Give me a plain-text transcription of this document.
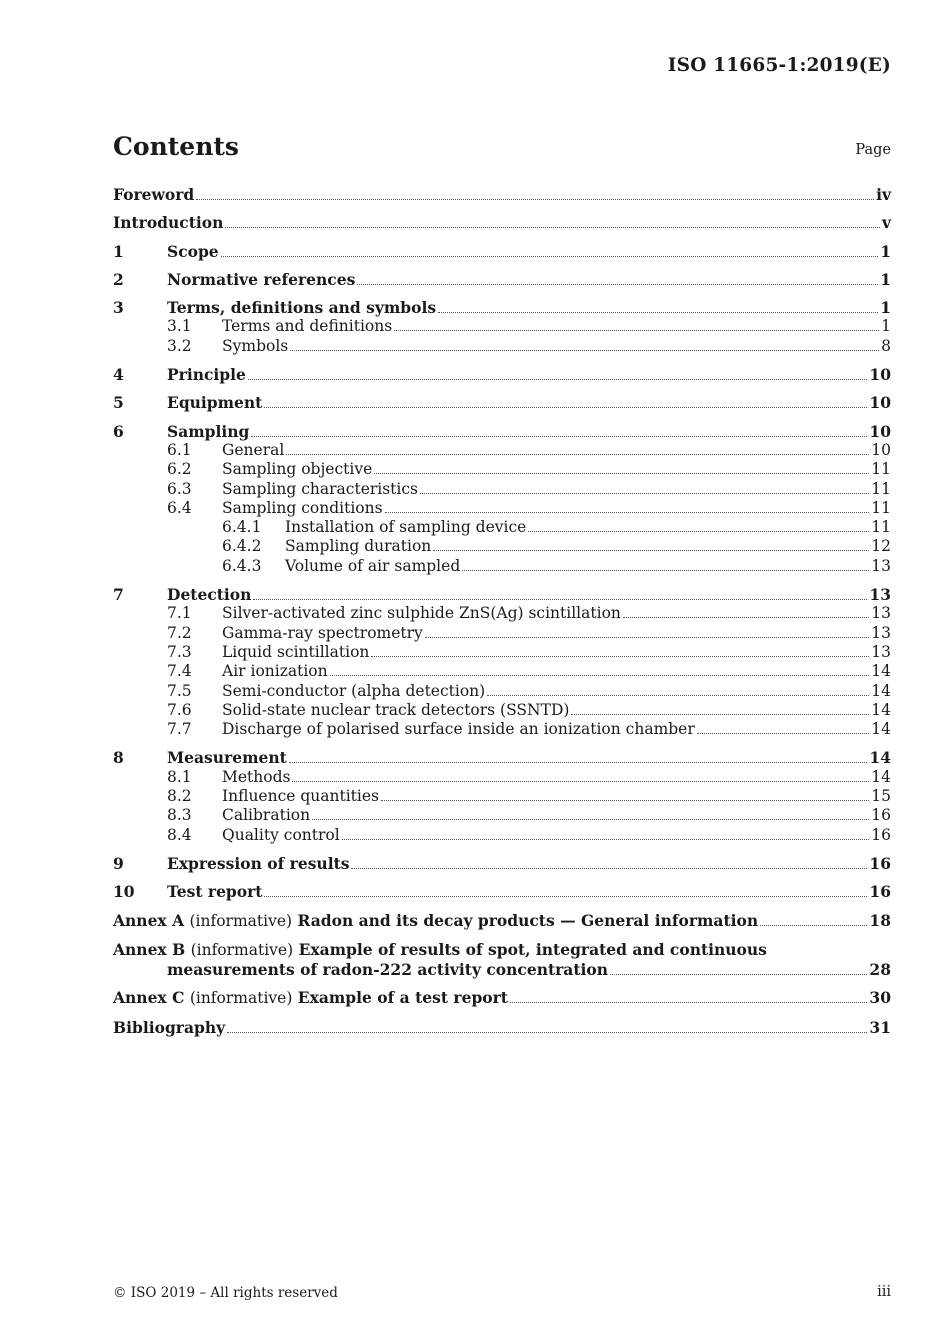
ISO 11665-1:2019(E)
Contents	Page
Foreword	iv
Introduction	v
1	Scope	1
2	Normative references	1
3	Terms, definitions and symbols	1
3.1	Terms and definitions	1
3.2	Symbols	8
4	Principle	10
5	Equipment	10
6	Sampling	10
6.1	General	10
6.2	Sampling objective	11
6.3	Sampling characteristics	11
6.4	Sampling conditions	11
6.4.1	Installation of sampling device	11
6.4.2	Sampling duration	12
6.4.3	Volume of air sampled	13
7	Detection	13
7.1	Silver-activated zinc sulphide ZnS(Ag) scintillation	13
7.2	Gamma-ray spectrometry	13
7.3	Liquid scintillation	13
7.4	Air ionization	14
7.5	Semi-conductor (alpha detection)	14
7.6	Solid-state nuclear track detectors (SSNTD)	14
7.7	Discharge of polarised surface inside an ionization chamber	14
8	Measurement	14
8.1	Methods	14
8.2	Influence quantities	15
8.3	Calibration	16
8.4	Quality control	16
9	Expression of results	16
10	Test report	16
Annex A (informative) Radon and its decay products — General information	18
Annex B (informative) Example of results of spot, integrated and continuous
measurements of radon-222 activity concentration	28
Annex C (informative) Example of a test report	30
Bibliography	31
© ISO 2019 – All rights reserved	iii
